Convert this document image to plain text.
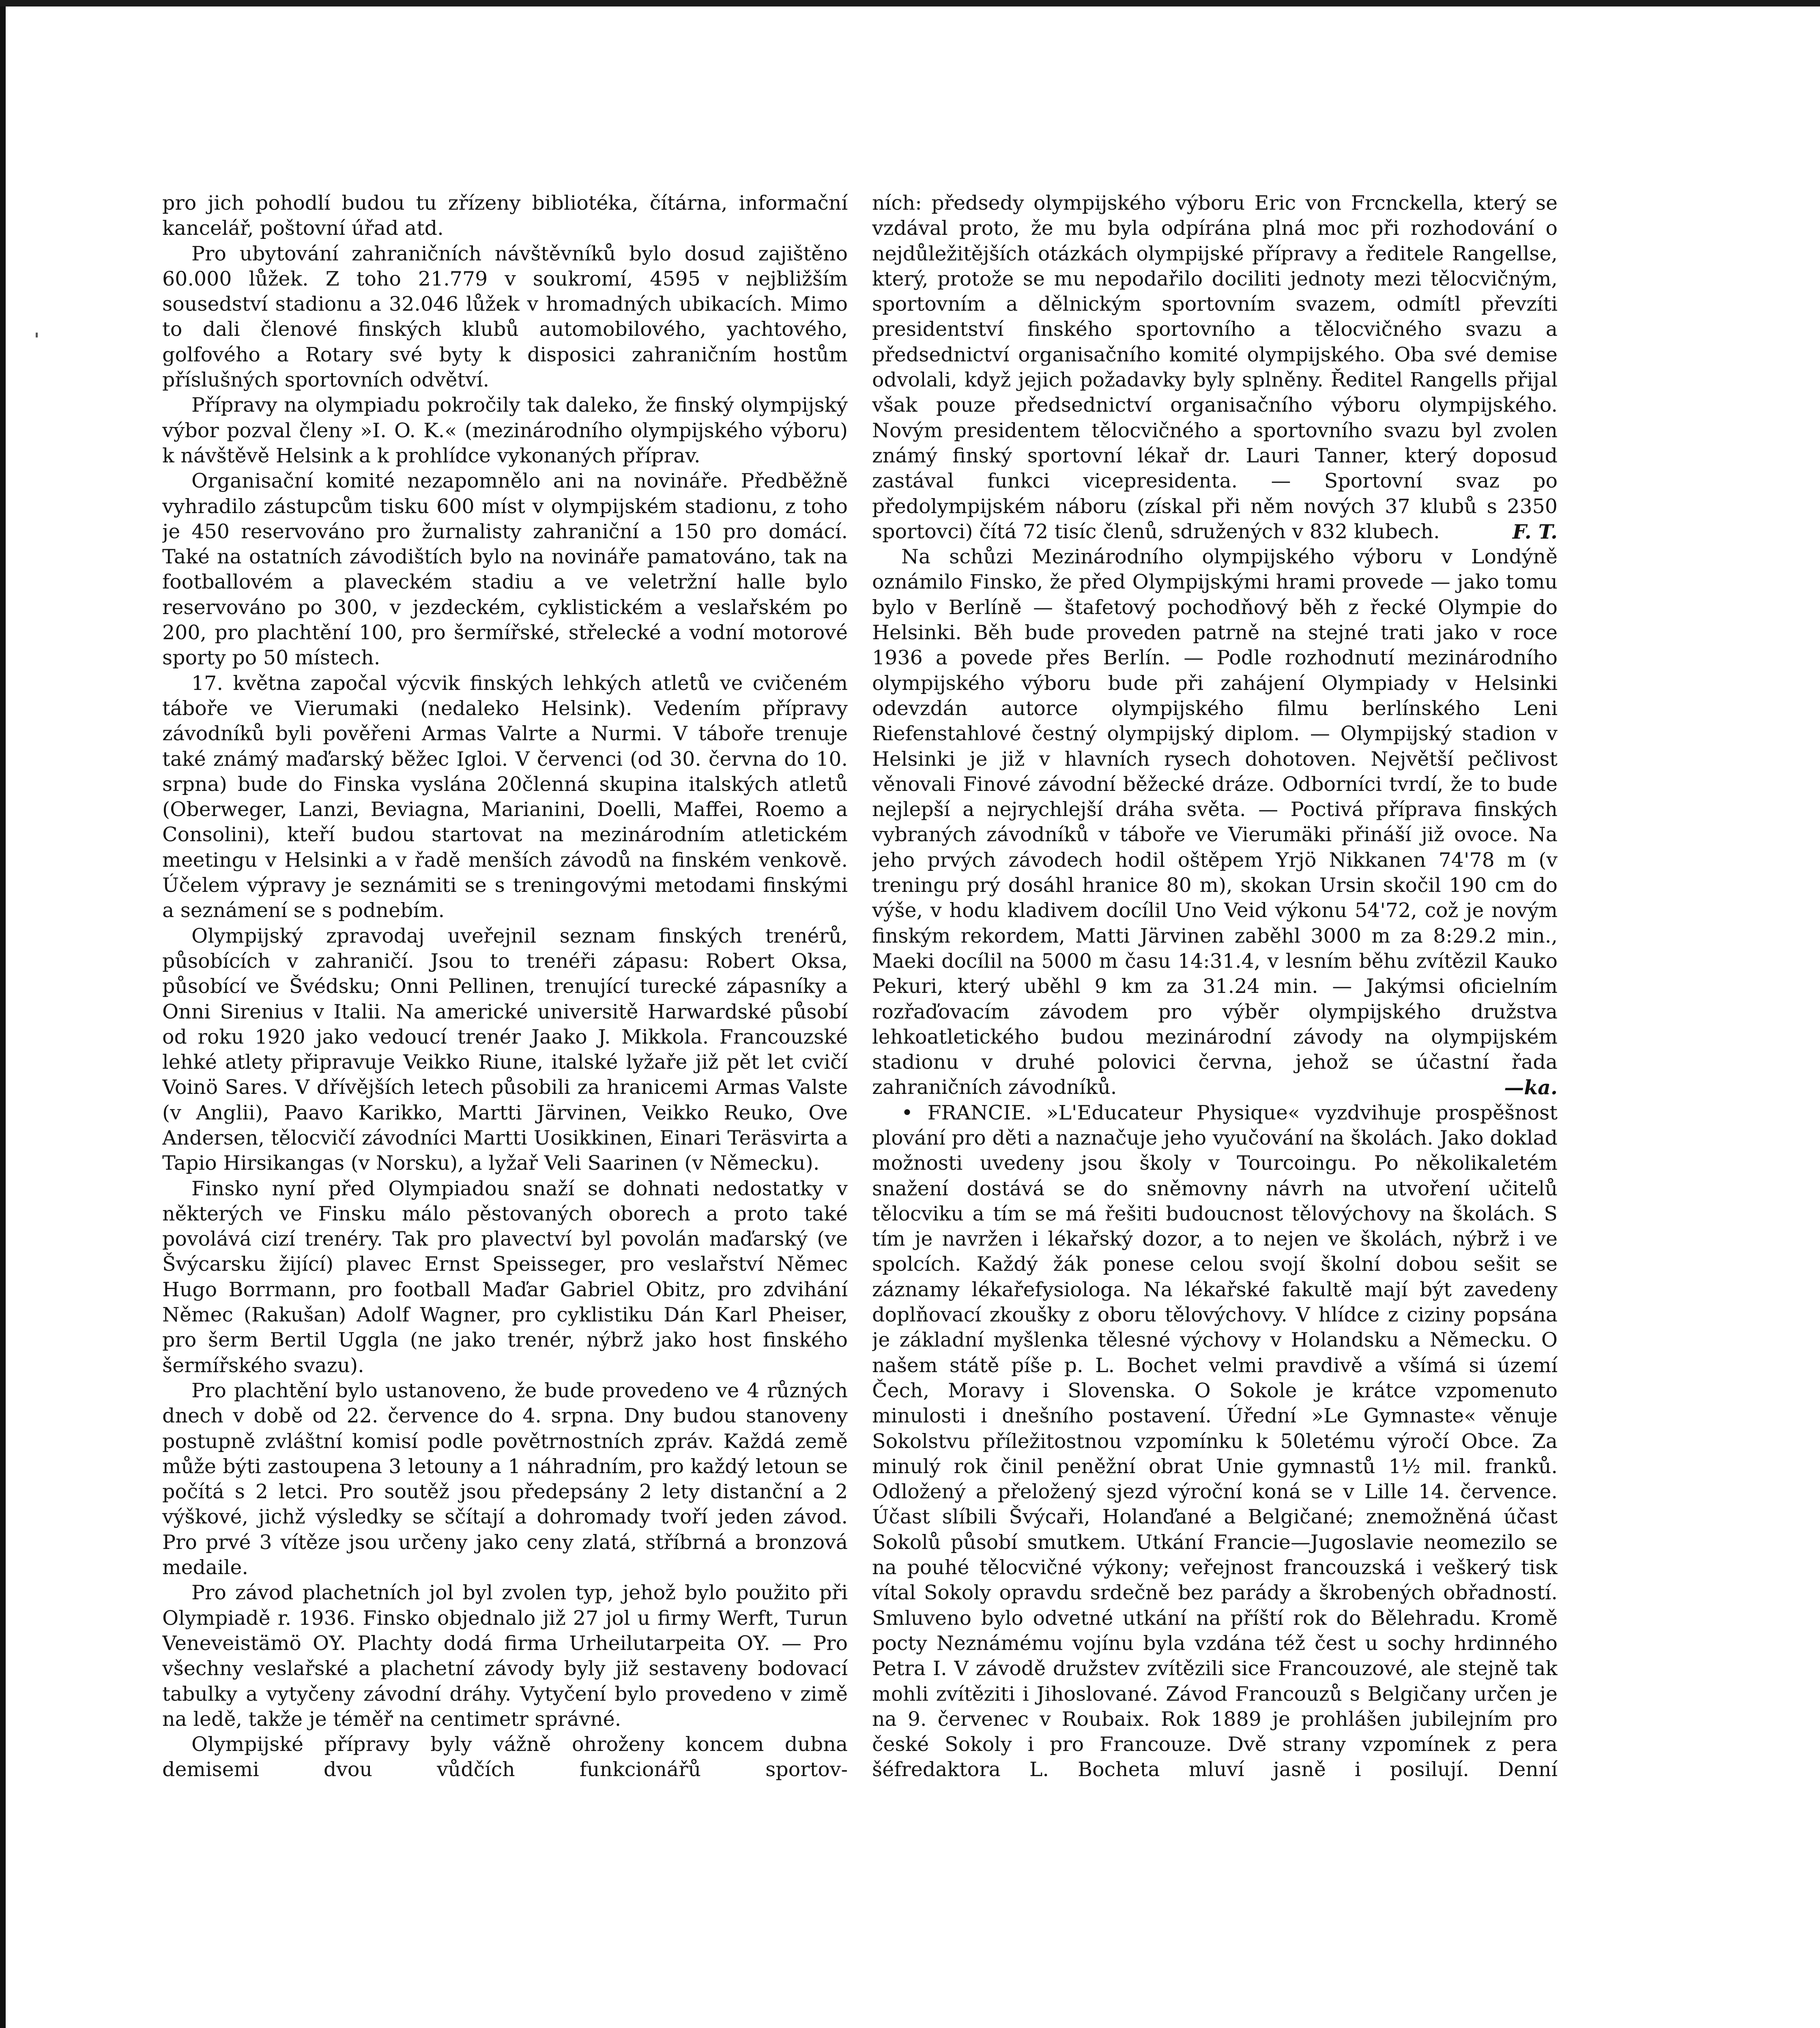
pro jich pohodlí budou tu zřízeny bibliotéka, čítárna, informační kancelář, poštovní úřad atd.

Pro ubytování zahraničních návštěvníků bylo dosud zajištěno 60.000 lůžek. Z toho 21.779 v soukromí, 4595 v nejbližším sousedství stadionu a 32.046 lůžek v hromadných ubikacích. Mimo to dali členové finských klubů automobilového, yachtového, golfového a Rotary své byty k disposici zahraničním hostům příslušných sportovních odvětví.

Přípravy na olympiadu pokročily tak daleko, že finský olympijský výbor pozval členy »I. O. K.« (mezinárodního olympijského výboru) k návštěvě Helsink a k prohlídce vykonaných příprav.

Organisační komité nezapomnělo ani na novináře. Předběžně vyhradilo zástupcům tisku 600 míst v olympijském stadionu, z toho je 450 reservováno pro žurnalisty zahraniční a 150 pro domácí. Také na ostatních závodištích bylo na novináře pamatováno, tak na footballovém a plaveckém stadiu a ve veletržní halle bylo reservováno po 300, v jezdeckém, cyklistickém a veslařském po 200, pro plachtění 100, pro šermířské, střelecké a vodní motorové sporty po 50 místech.

17. května započal výcvik finských lehkých atletů ve cvičeném táboře ve Vierumaki (nedaleko Helsink). Vedením přípravy závodníků byli pověřeni Armas Valrte a Nurmi. V táboře trenuje také známý maďarský běžec Igloi. V červenci (od 30. června do 10. srpna) bude do Finska vyslána 20členná skupina italských atletů (Oberweger, Lanzi, Beviagna, Marianini, Doelli, Maffei, Roemo a Consolini), kteří budou startovat na mezinárodním atletickém meetingu v Helsinki a v řadě menších závodů na finském venkově. Účelem výpravy je seznámiti se s treningovými metodami finskými a seznámení se s podnebím.

Olympijský zpravodaj uveřejnil seznam finských trenérů, působících v zahraničí. Jsou to trenéři zápasu: Robert Oksa, působící ve Švédsku; Onni Pellinen, trenující turecké zápasníky a Onni Sirenius v Italii. Na americké universitě Harwardské působí od roku 1920 jako vedoucí trenér Jaako J. Mikkola. Francouzské lehké atlety připravuje Veikko Riune, italské lyžaře již pět let cvičí Voinö Sares. V dřívějších letech působili za hranicemi Armas Valste (v Anglii), Paavo Karikko, Martti Järvinen, Veikko Reuko, Ove Andersen, tělocvičí závodníci Martti Uosikkinen, Einari Teräsvirta a Tapio Hirsikangas (v Norsku), a lyžař Veli Saarinen (v Německu).

Finsko nyní před Olympiadou snaží se dohnati nedostatky v některých ve Finsku málo pěstovaných oborech a proto také povolává cizí trenéry. Tak pro plavectví byl povolán maďarský (ve Švýcarsku žijící) plavec Ernst Speisseger, pro veslařství Němec Hugo Borrmann, pro football Maďar Gabriel Obitz, pro zdvihání Němec (Rakušan) Adolf Wagner, pro cyklistiku Dán Karl Pheiser, pro šerm Bertil Uggla (ne jako trenér, nýbrž jako host finského šermířského svazu).

Pro plachtění bylo ustanoveno, že bude provedeno ve 4 různých dnech v době od 22. července do 4. srpna. Dny budou stanoveny postupně zvláštní komisí podle povětrnostních zpráv. Každá země může býti zastoupena 3 letouny a 1 náhradním, pro každý letoun se počítá s 2 letci. Pro soutěž jsou předepsány 2 lety distanční a 2 výškové, jichž výsledky se sčítají a dohromady tvoří jeden závod. Pro prvé 3 vítěze jsou určeny jako ceny zlatá, stříbrná a bronzová medaile.

Pro závod plachetních jol byl zvolen typ, jehož bylo použito při Olympiadě r. 1936. Finsko objednalo již 27 jol u firmy Werft, Turun Veneveistämö OY. Plachty dodá firma Urheilutarpeita OY. — Pro všechny veslařské a plachetní závody byly již sestaveny bodovací tabulky a vytyčeny závodní dráhy. Vytyčení bylo provedeno v zimě na ledě, takže je téměř na centimetr správné.

Olympijské přípravy byly vážně ohroženy koncem dubna demisemi dvou vůdčích funkcionářů sportov-

ních: předsedy olympijského výboru Eric von Frcnckella, který se vzdával proto, že mu byla odpírána plná moc při rozhodování o nejdůležitějších otázkách olympijské přípravy a ředitele Rangellse, který, protože se mu nepodařilo dociliti jednoty mezi tělocvičným, sportovním a dělnickým sportovním svazem, odmítl převzíti presidentství finského sportovního a tělocvičného svazu a předsednictví organisačního komité olympijského. Oba své demise odvolali, když jejich požadavky byly splněny. Ředitel Rangells přijal však pouze předsednictví organisačního výboru olympijského. Novým presidentem tělocvičného a sportovního svazu byl zvolen známý finský sportovní lékař dr. Lauri Tanner, který doposud zastával funkci vicepresidenta. — Sportovní svaz po předolympijském náboru (získal při něm nových 37 klubů s 2350 sportovci) čítá 72 tisíc členů, sdružených v 832 klubech.	F. T.

Na schůzi Mezinárodního olympijského výboru v Londýně oznámilo Finsko, že před Olympijskými hrami provede — jako tomu bylo v Berlíně — štafetový pochodňový běh z řecké Olympie do Helsinki. Běh bude proveden patrně na stejné trati jako v roce 1936 a povede přes Berlín. — Podle rozhodnutí mezinárodního olympijského výboru bude při zahájení Olympiady v Helsinki odevzdán autorce olympijského filmu berlínského Leni Riefenstahlové čestný olympijský diplom. — Olympijský stadion v Helsinki je již v hlavních rysech dohotoven. Největší pečlivost věnovali Finové závodní běžecké dráze. Odborníci tvrdí, že to bude nejlepší a nejrychlejší dráha světa. — Poctivá příprava finských vybraných závodníků v táboře ve Vierumäki přináší již ovoce. Na jeho prvých závodech hodil oštěpem Yrjö Nikkanen 74'78 m (v treningu prý dosáhl hranice 80 m), skokan Ursin skočil 190 cm do výše, v hodu kladivem docílil Uno Veid výkonu 54'72, což je novým finským rekordem, Matti Järvinen zaběhl 3000 m za 8:29.2 min., Maeki docílil na 5000 m času 14:31.4, v lesním běhu zvítězil Kauko Pekuri, který uběhl 9 km za 31.24 min. — Jakýmsi oficielním rozřaďovacím závodem pro výběr olympijského družstva lehkoatletického budou mezinárodní závody na olympijském stadionu v druhé polovici června, jehož se účastní řada zahraničních závodníků.	—ka.

• FRANCIE. »L'Educateur Physique« vyzdvihuje prospěšnost plování pro děti a naznačuje jeho vyučování na školách. Jako doklad možnosti uvedeny jsou školy v Tourcoingu. Po několikaletém snažení dostává se do sněmovny návrh na utvoření učitelů tělocviku a tím se má řešiti budoucnost tělovýchovy na školách. S tím je navržen i lékařský dozor, a to nejen ve školách, nýbrž i ve spolcích. Každý žák ponese celou svojí školní dobou sešit se záznamy lékařefysiologa. Na lékařské fakultě mají být zavedeny doplňovací zkoušky z oboru tělovýchovy. V hlídce z ciziny popsána je základní myšlenka tělesné výchovy v Holandsku a Německu. O našem státě píše p. L. Bochet velmi pravdivě a všímá si území Čech, Moravy i Slovenska. O Sokole je krátce vzpomenuto minulosti i dnešního postavení. Úřední »Le Gymnaste« věnuje Sokolstvu příležitostnou vzpomínku k 50letému výročí Obce. Za minulý rok činil peněžní obrat Unie gymnastů 1½ mil. franků. Odložený a přeložený sjezd výroční koná se v Lille 14. července. Účast slíbili Švýcaři, Holanďané a Belgičané; znemožněná účast Sokolů působí smutkem. Utkání Francie—Jugoslavie neomezilo se na pouhé tělocvičné výkony; veřejnost francouzská i veškerý tisk vítal Sokoly opravdu srdečně bez parády a škrobených obřadností. Smluveno bylo odvetné utkání na příští rok do Bělehradu. Kromě pocty Neznámému vojínu byla vzdána též čest u sochy hrdinného Petra I. V závodě družstev zvítězili sice Francouzové, ale stejně tak mohli zvítěziti i Jihoslované. Závod Francouzů s Belgičany určen je na 9. červenec v Roubaix. Rok 1889 je prohlášen jubilejním pro české Sokoly i pro Francouze. Dvě strany vzpomínek z pera šéfredaktora L. Bocheta mluví jasně i posilují. Denní
